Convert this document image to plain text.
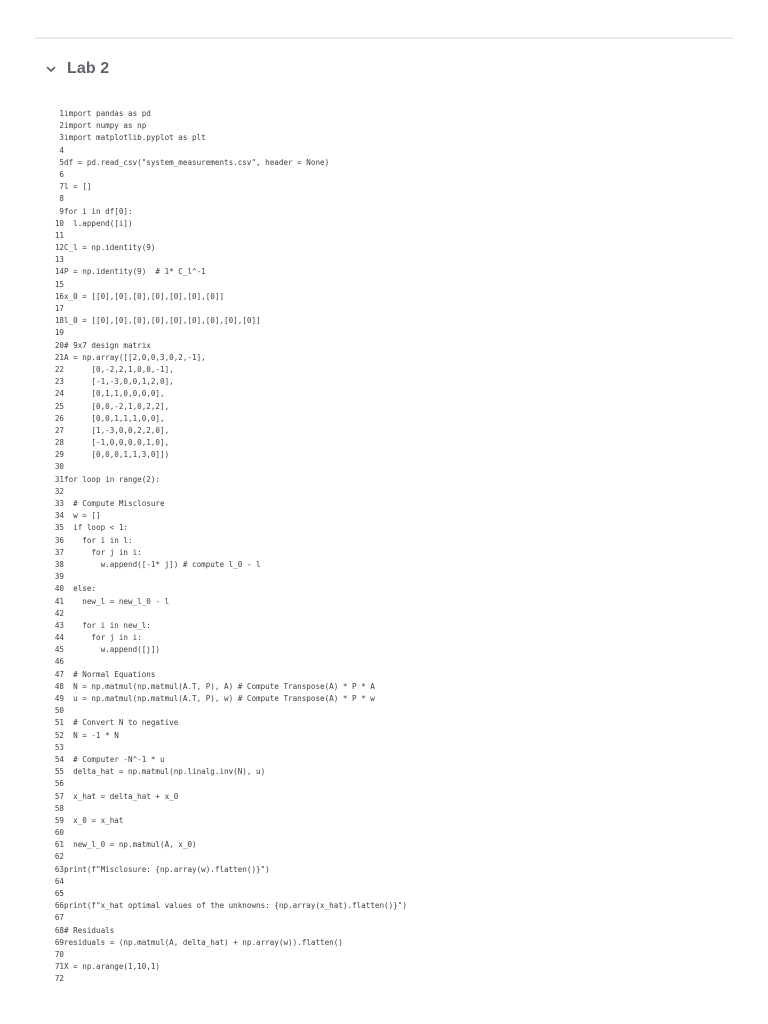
Lab 2
1 import pandas as pd
2 import numpy as np
3 import matplotlib.pyplot as plt
4
5 df = pd.read_csv("system_measurements.csv", header = None)
6
7 l = []
8
9 for i in df[0]:
10 l.append([i])
11
12 C_l = np.identity(9)
13
14 P = np.identity(9)  # 1* C_l^-1
15
16 x_0 = [[0],[0],[0],[0],[0],[0],[0]]
17
18 l_0 = [[0],[0],[0],[0],[0],[0],[0],[0],[0]]
19
20 # 9x7 design matrix
21 A = np.array([[2,0,0,3,0,2,-1],
22 [0,-2,2,1,0,0,-1],
23 [-1,-3,0,0,1,2,0],
24 [0,1,1,0,0,0,0],
25 [0,0,-2,1,0,2,2],
26 [0,0,1,1,1,0,0],
27 [1,-3,0,0,2,2,0],
28 [-1,0,0,0,0,1,0],
29 [0,0,0,1,1,3,0]])
30
31 for loop in range(2):
32
33 # Compute Misclosure
34 w = []
35 if loop < 1:
36 for i in l:
37 for j in i:
38 w.append([-1* j]) # compute l_0 - l
39
40 else:
41 new_l = new_l_0 - l
42
43 for i in new_l:
44 for j in i:
45 w.append([j])
46
47 # Normal Equations
48 N = np.matmul(np.matmul(A.T, P), A) # Compute Transpose(A) * P * A
49 u = np.matmul(np.matmul(A.T, P), w) # Compute Transpose(A) * P * w
50
51 # Convert N to negative
52 N = -1 * N
53
54 # Computer -N^-1 * u
55 delta_hat = np.matmul(np.linalg.inv(N), u)
56
57 x_hat = delta_hat + x_0
58
59 x_0 = x_hat
60
61 new_l_0 = np.matmul(A, x_0)
62
63 print(f"Misclosure: {np.array(w).flatten()}")
64
65
66 print(f"x_hat optimal values of the unknowns: {np.array(x_hat).flatten()}")
67
68 # Residuals
69 residuals = (np.matmul(A, delta_hat) + np.array(w)).flatten()
70
71 X = np.arange(1,10,1)
72
